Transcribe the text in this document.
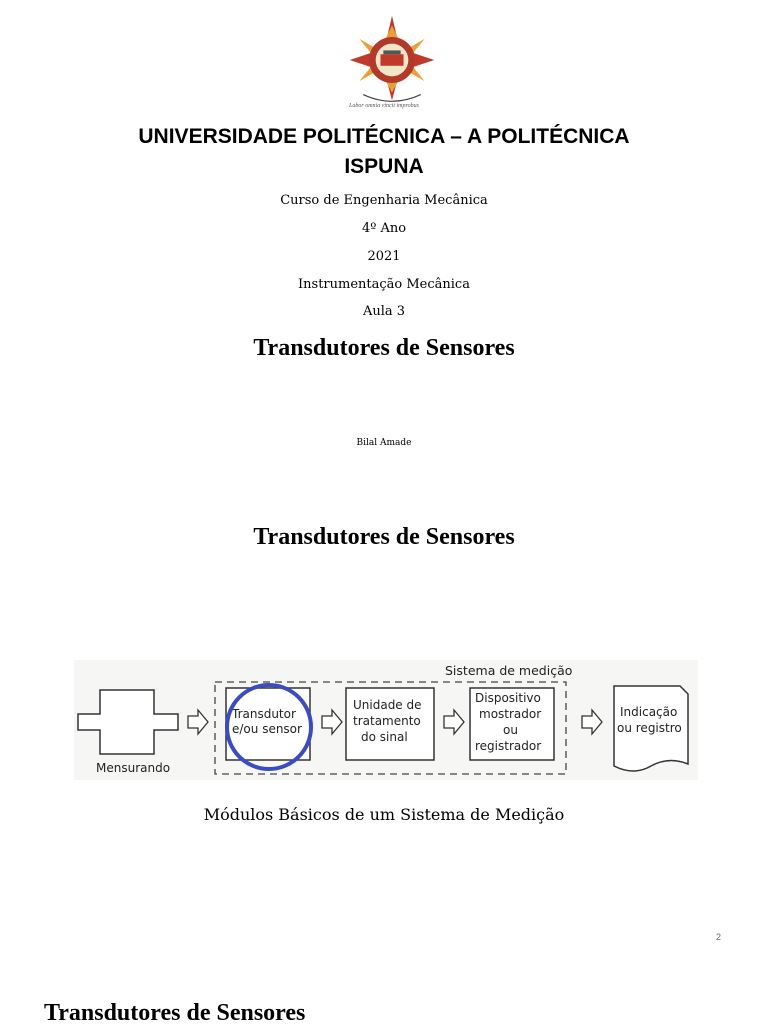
Labor omnia vincit improbus
UNIVERSIDADE POLITÉCNICA – A POLITÉCNICA
ISPUNA
Curso de Engenharia Mecânica
4º Ano
2021
Instrumentação Mecânica
Aula 3
Transdutores de Sensores
Bilal Amade
Transdutores de Sensores
Sistema de medição
Mensurando
Transdutor
e/ou sensor
Unidade de
tratamento
do sinal
Dispositivo
mostrador
ou
registrador
Indicação
ou registro
Módulos Básicos de um Sistema de Medição
2
Transdutores de Sensores
